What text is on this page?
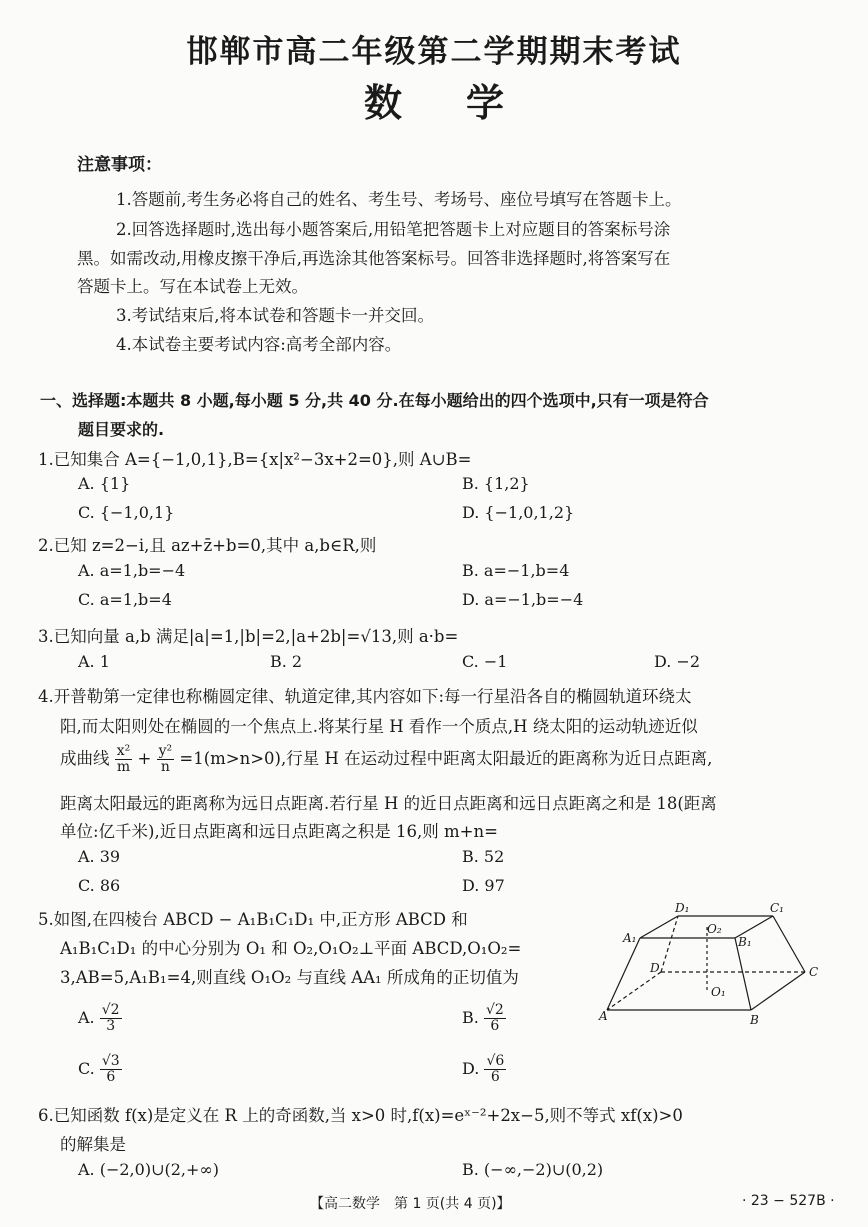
邯郸市高二年级第二学期期末考试
数学
注意事项：
1.答题前,考生务必将自己的姓名、考生号、考场号、座位号填写在答题卡上。
2.回答选择题时,选出每小题答案后,用铅笔把答题卡上对应题目的答案标号涂
黑。如需改动,用橡皮擦干净后,再选涂其他答案标号。回答非选择题时,将答案写在
答题卡上。写在本试卷上无效。
3.考试结束后,将本试卷和答题卡一并交回。
4.本试卷主要考试内容:高考全部内容。
一、选择题:本题共 8 小题,每小题 5 分,共 40 分.在每小题给出的四个选项中,只有一项是符合
题目要求的.
1.已知集合 A={−1,0,1},B={x|x²−3x+2=0},则 A∪B=
A. {1}	B. {1,2}
C. {−1,0,1}	D. {−1,0,1,2}
2.已知 z=2−i,且 az+z̄+b=0,其中 a,b∈R,则
A. a=1,b=−4	B. a=−1,b=4
C. a=1,b=4	D. a=−1,b=−4
3.已知向量 a,b 满足|a|=1,|b|=2,|a+2b|=√13,则 a·b=
A. 1	B. 2	C. −1	D. −2
4.开普勒第一定律也称椭圆定律、轨道定律,其内容如下:每一行星沿各自的椭圆轨道环绕太
阳,而太阳则处在椭圆的一个焦点上.将某行星 H 看作一个质点,H 绕太阳的运动轨迹近似
成曲线 $\frac{\text{x²}}{m} + \frac{\text{y²}}{n} =1(m>n>0)$,行星 H 在运动过程中距离太阳最近的距离称为近日点距离,
距离太阳最远的距离称为远日点距离.若行星 H 的近日点距离和远日点距离之和是 18(距离
单位:亿千米),近日点距离和远日点距离之积是 16,则 m+n=
A. 39	B. 52
C. 86	D. 97
5.如图,在四棱台 ABCD − A₁B₁C₁D₁ 中,正方形 ABCD 和
A₁B₁C₁D₁ 的中心分别为 O₁ 和 O₂,O₁O₂⊥平面 ABCD,O₁O₂=
3,AB=5,A₁B₁=4,则直线 O₁O₂ 与直线 AA₁ 所成角的正切值为
A. $\frac{√2}{3}$	B. $\frac{√2}{6}$
C. $\frac{√3}{6}$	D. $\frac{√6}{6}$
D₁	C₁
A₁
O₂
B₁
D	C
O₁
A	B
6.已知函数 f(x)是定义在 R 上的奇函数,当 x>0 时,f(x)=eˣ⁻²+2x−5,则不等式 xf(x)>0
的解集是
A. (−2,0)∪(2,+∞)	B. (−∞,−2)∪(0,2)
【高二数学　第 1 页(共 4 页)】	· 23 − 527B ·
